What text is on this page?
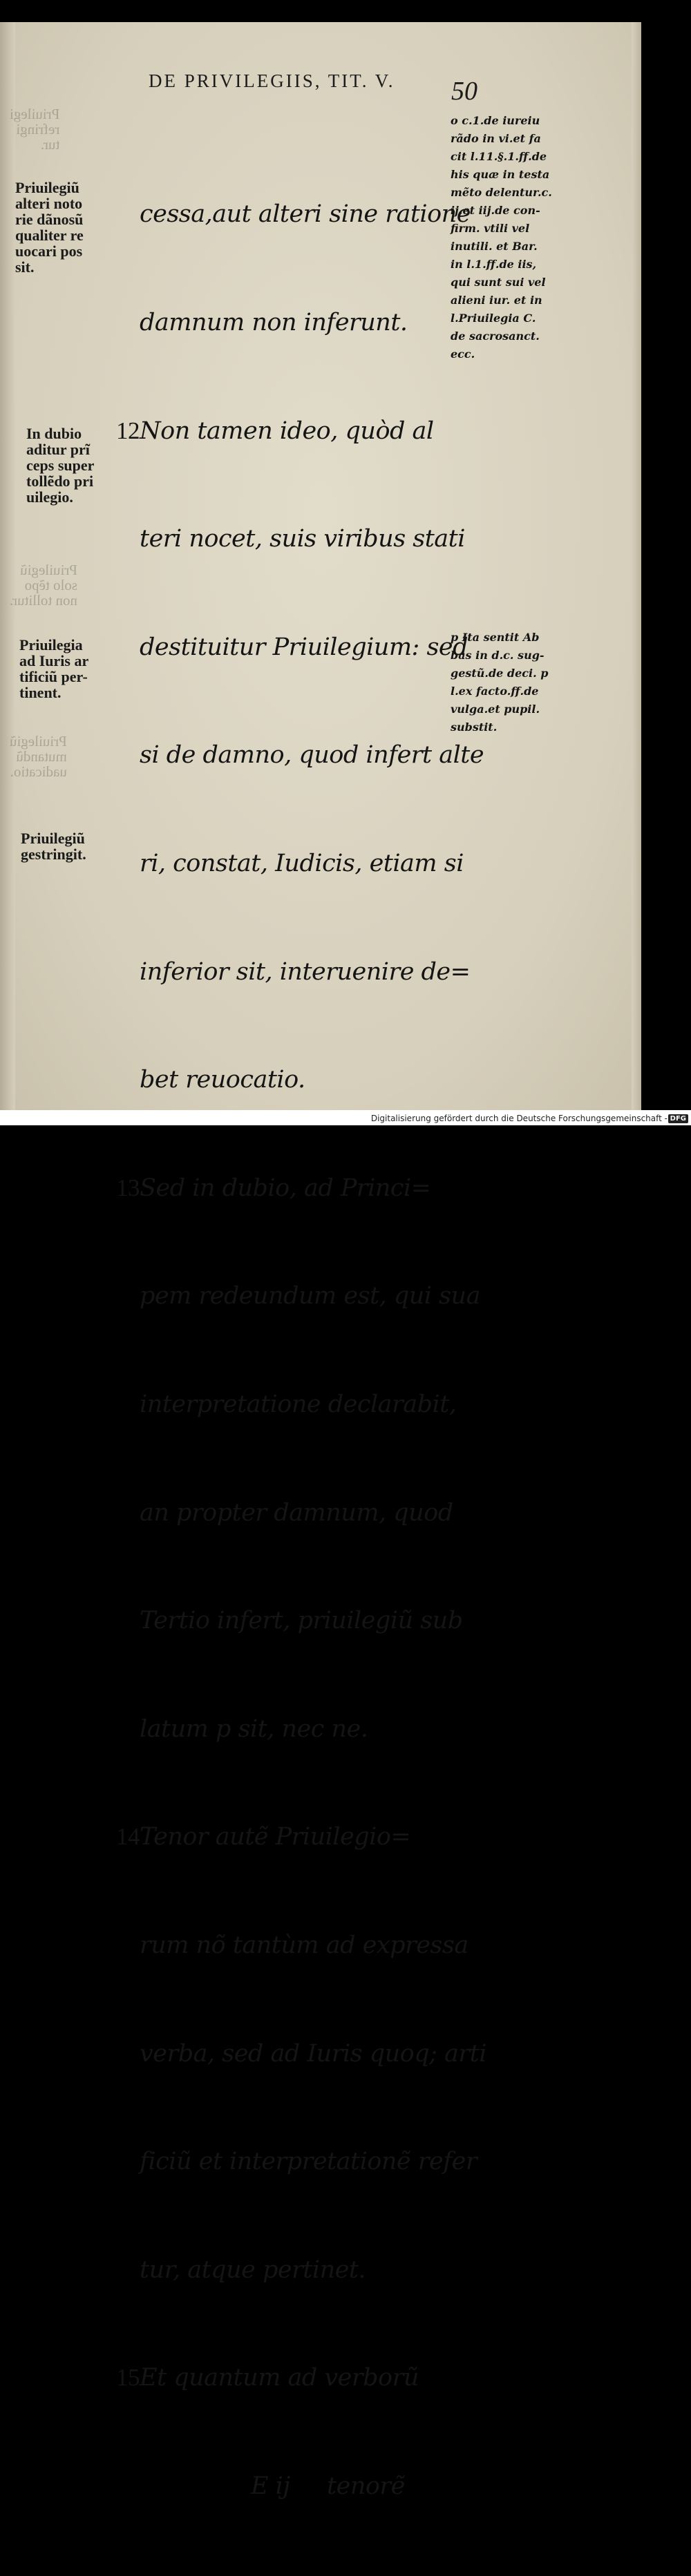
DE PRIVILEGIIS, TIT. V. 50
Priuilegi
refringi
tur.
Priuilegiũ
solo tẽpo
non tollitur.
Priuilegiũ
mutandũ
uadicatio.
Priuilegiũ
alteri noto
rie dãnosũ
qualiter re
uocari pos
sit.
In dubio
aditur prĩ
ceps super
tollẽdo pri
uilegio.
Priuilegia
ad Iuris ar
tificiũ per-
tinent.
Priuilegiũ
gestringit.

cessa,aut alteri sine ratione

damnum non inferunt.

12Non tamen ideo, quòd al

teri nocet, suis viribus stati

destituitur Priuilegium: sed

si de damno, quod infert alte

ri, constat, Iudicis, etiam si

inferior sit, interuenire de=

bet reuocatio.

13Sed in dubio, ad Princi=

pem redeundum est, qui sua

interpretatione declarabit,

an propter damnum, quod

Tertio infert, priuilegiũ sub

latum p sit, nec ne.

14Tenor autẽ Priuilegio=

rum nõ tantùm ad expressa

verba, sed ad Iuris quoq; arti

ficiũ et interpretationẽ refer

tur, atque pertinet.

15Et quantum ad verborũ

E ij tenorẽ

o c.1.de iureiu
rãdo in vi.et fa
cit l.11.§.1.ff.de
his quæ in testa
mẽto delentur.c.
ij.et iij.de con-
firm. vtili vel
inutili. et Bar.
in l.1.ff.de iis,
qui sunt sui vel
alieni iur. et in
l.Priuilegia C.
de sacrosanct.
ecc.
p Ita sentit Ab
bas in d.c. sug-
gestũ.de deci. p
l.ex facto.ff.de
vulga.et pupil.
substit.
Digitalisierung gefördert durch die Deutsche Forschungsgemeinschaft - DFG
